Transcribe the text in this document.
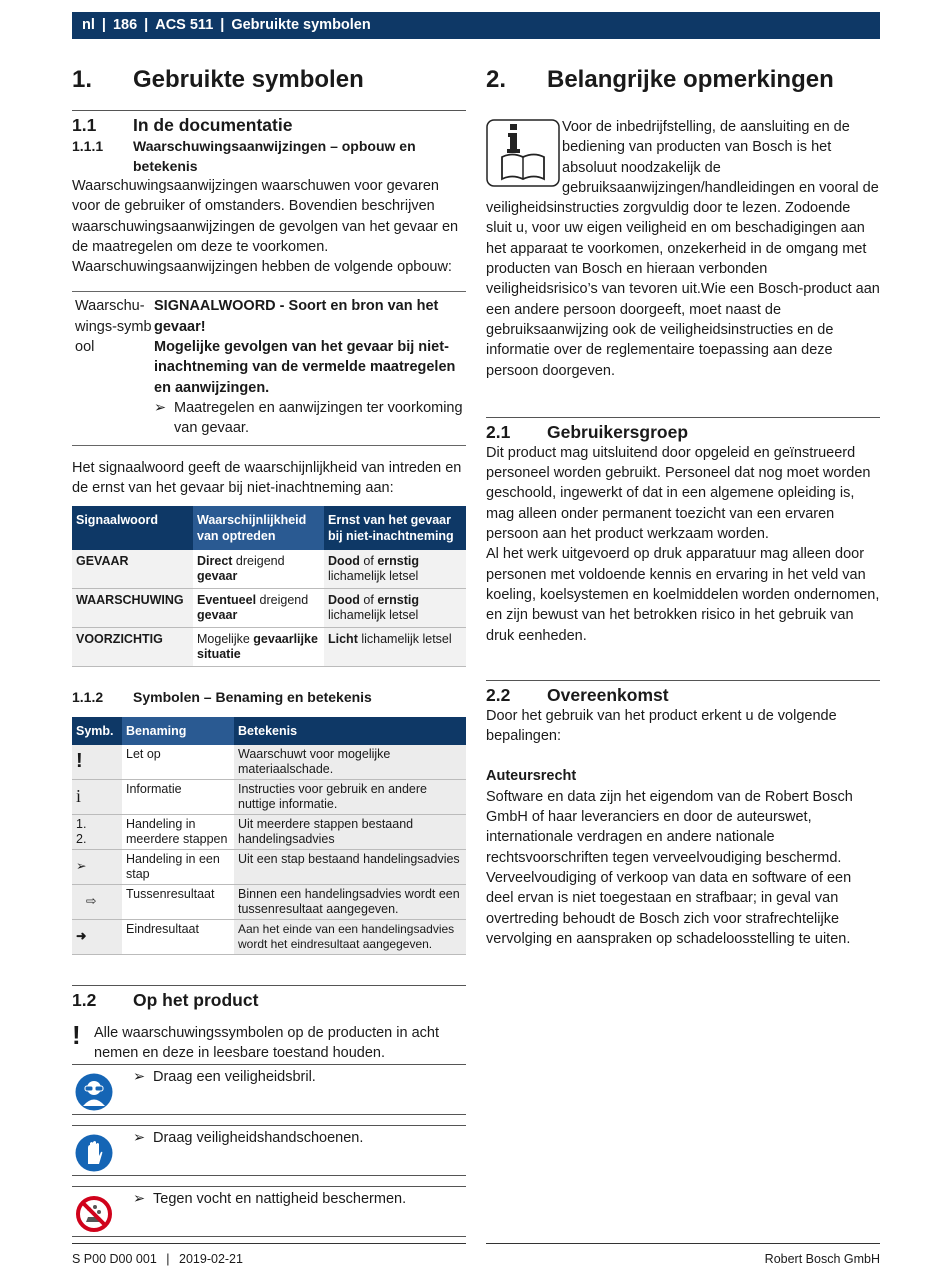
nl | 186 | ACS 511 | Gebruikte symbolen
1.	Gebruikte symbolen
1.1	In de documentatie
1.1.1	Waarschuwingsaanwijzingen – opbouw en betekenis
Waarschuwingsaanwijzingen waarschuwen voor gevaren voor de gebruiker of omstanders. Bovendien beschrijven waarschuwingsaanwijzingen de gevolgen van het gevaar en de maatregelen om deze te voorkomen. Waarschuwingsaanwijzingen hebben de volgende opbouw:
Waarschu-wings-symbool
SIGNAALWOORD - Soort en bron van het gevaar!
Mogelijke gevolgen van het gevaar bij niet-inachtneming van de vermelde maatregelen en aanwijzingen.
➢ Maatregelen en aanwijzingen ter voorkoming van gevaar.
Het signaalwoord geeft de waarschijnlijkheid van intreden en de ernst van het gevaar bij niet-inachtneming aan:
Signaalwoord	Waarschijnlijkheid van optreden	Ernst van het gevaar bij niet-inachtneming
GEVAAR	Direct dreigend gevaar	Dood of ernstig lichamelijk letsel
WAARSCHUWING	Eventueel dreigend gevaar	Dood of ernstig lichamelijk letsel
VOORZICHTIG	Mogelijke gevaarlijke situatie	Licht lichamelijk letsel
1.1.2	Symbolen – Benaming en betekenis
Symb.	Benaming	Betekenis
!	Let op	Waarschuwt voor mogelijke materiaalschade.
i	Informatie	Instructies voor gebruik en andere nuttige informatie.
1.
2.	Handeling in meerdere stappen	Uit meerdere stappen bestaand handelingsadvies
➢	Handeling in een stap	Uit een stap bestaand handelingsadvies
⇨	Tussenresultaat	Binnen een handelingsadvies wordt een tussenresultaat aangegeven.
➜	Eindresultaat	Aan het einde van een handelingsadvies wordt het eindresultaat aangegeven.
1.2	Op het product
! Alle waarschuwingssymbolen op de producten in acht nemen en deze in leesbare toestand houden.
➢ Draag een veiligheidsbril.
➢ Draag veiligheidshandschoenen.
➢ Tegen vocht en nattigheid beschermen.
2.	Belangrijke opmerkingen
Voor de inbedrijfstelling, de aansluiting en de bediening van producten van Bosch is het absoluut noodzakelijk de gebruiksaanwijzingen/handleidingen en vooral de
veiligheidsinstructies zorgvuldig door te lezen. Zodoende sluit u, voor uw eigen veiligheid en om beschadigingen aan het apparaat te voorkomen, onzekerheid in de omgang met producten van Bosch en hieraan verbonden veiligheidsrisico’s van tevoren uit.Wie een Bosch-product aan een andere persoon doorgeeft, moet naast de gebruiksaanwijzing ook de veiligheidsinstructies en de informatie over de reglementaire toepassing aan deze persoon doorgeven.
2.1	Gebruikersgroep
Dit product mag uitsluitend door opgeleid en geïnstrueerd personeel worden gebruikt. Personeel dat nog moet worden geschoold, ingewerkt of dat in een algemene opleiding is, mag alleen onder permanent toezicht van een ervaren persoon aan het product werkzaam worden.
Al het werk uitgevoerd op druk apparatuur mag alleen door personen met voldoende kennis en ervaring in het veld van koeling, koelsystemen en koelmiddelen worden ondernomen, en zijn bewust van het betrokken risico in het gebruik van druk eenheden.
2.2	Overeenkomst
Door het gebruik van het product erkent u de volgende bepalingen:
Auteursrecht
Software en data zijn het eigendom van de Robert Bosch GmbH of haar leveranciers en door de auteurswet, internationale verdragen en andere nationale rechtsvoorschriften tegen verveelvoudiging beschermd. Verveelvoudiging of verkoop van data en software of een deel ervan is niet toegestaan en strafbaar; in geval van overtreding behoudt de Bosch zich voor strafrechtelijke vervolging en aanspraken op schadeloosstelling te uiten.
S P00 D00 001 | 2019-02-21	Robert Bosch GmbH
